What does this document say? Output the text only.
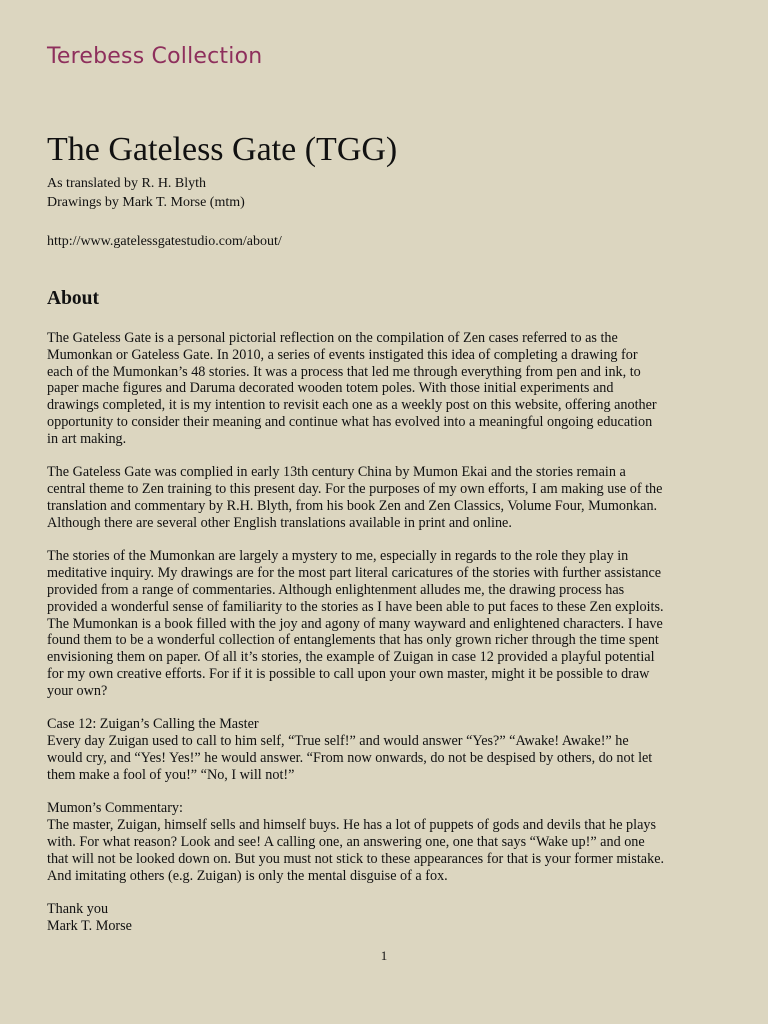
Terebess Collection
The Gateless Gate (TGG)
As translated by R. H. Blyth
Drawings by Mark T. Morse (mtm)
http://www.gatelessgatestudio.com/about/
About

The Gateless Gate is a personal pictorial reflection on the compilation of Zen cases referred to as the
Mumonkan or Gateless Gate. In 2010, a series of events instigated this idea of completing a drawing for
each of the Mumonkan’s 48 stories. It was a process that led me through everything from pen and ink, to
paper mache figures and Daruma decorated wooden totem poles. With those initial experiments and
drawings completed, it is my intention to revisit each one as a weekly post on this website, offering another
opportunity to consider their meaning and continue what has evolved into a meaningful ongoing education
in art making.

The Gateless Gate was complied in early 13th century China by Mumon Ekai and the stories remain a
central theme to Zen training to this present day. For the purposes of my own efforts, I am making use of the
translation and commentary by R.H. Blyth, from his book Zen and Zen Classics, Volume Four, Mumonkan.
Although there are several other English translations available in print and online.

The stories of the Mumonkan are largely a mystery to me, especially in regards to the role they play in
meditative inquiry. My drawings are for the most part literal caricatures of the stories with further assistance
provided from a range of commentaries. Although enlightenment alludes me, the drawing process has
provided a wonderful sense of familiarity to the stories as I have been able to put faces to these Zen exploits.
The Mumonkan is a book filled with the joy and agony of many wayward and enlightened characters. I have
found them to be a wonderful collection of entanglements that has only grown richer through the time spent
envisioning them on paper. Of all it’s stories, the example of Zuigan in case 12 provided a playful potential
for my own creative efforts. For if it is possible to call upon your own master, might it be possible to draw
your own?

Case 12: Zuigan’s Calling the Master
Every day Zuigan used to call to him self, “True self!” and would answer “Yes?” “Awake! Awake!” he
would cry, and “Yes! Yes!” he would answer. “From now onwards, do not be despised by others, do not let
them make a fool of you!” “No, I will not!”

Mumon’s Commentary:
The master, Zuigan, himself sells and himself buys. He has a lot of puppets of gods and devils that he plays
with. For what reason? Look and see! A calling one, an answering one, one that says “Wake up!” and one
that will not be looked down on. But you must not stick to these appearances for that is your former mistake.
And imitating others (e.g. Zuigan) is only the mental disguise of a fox.

Thank you
Mark T. Morse

1
